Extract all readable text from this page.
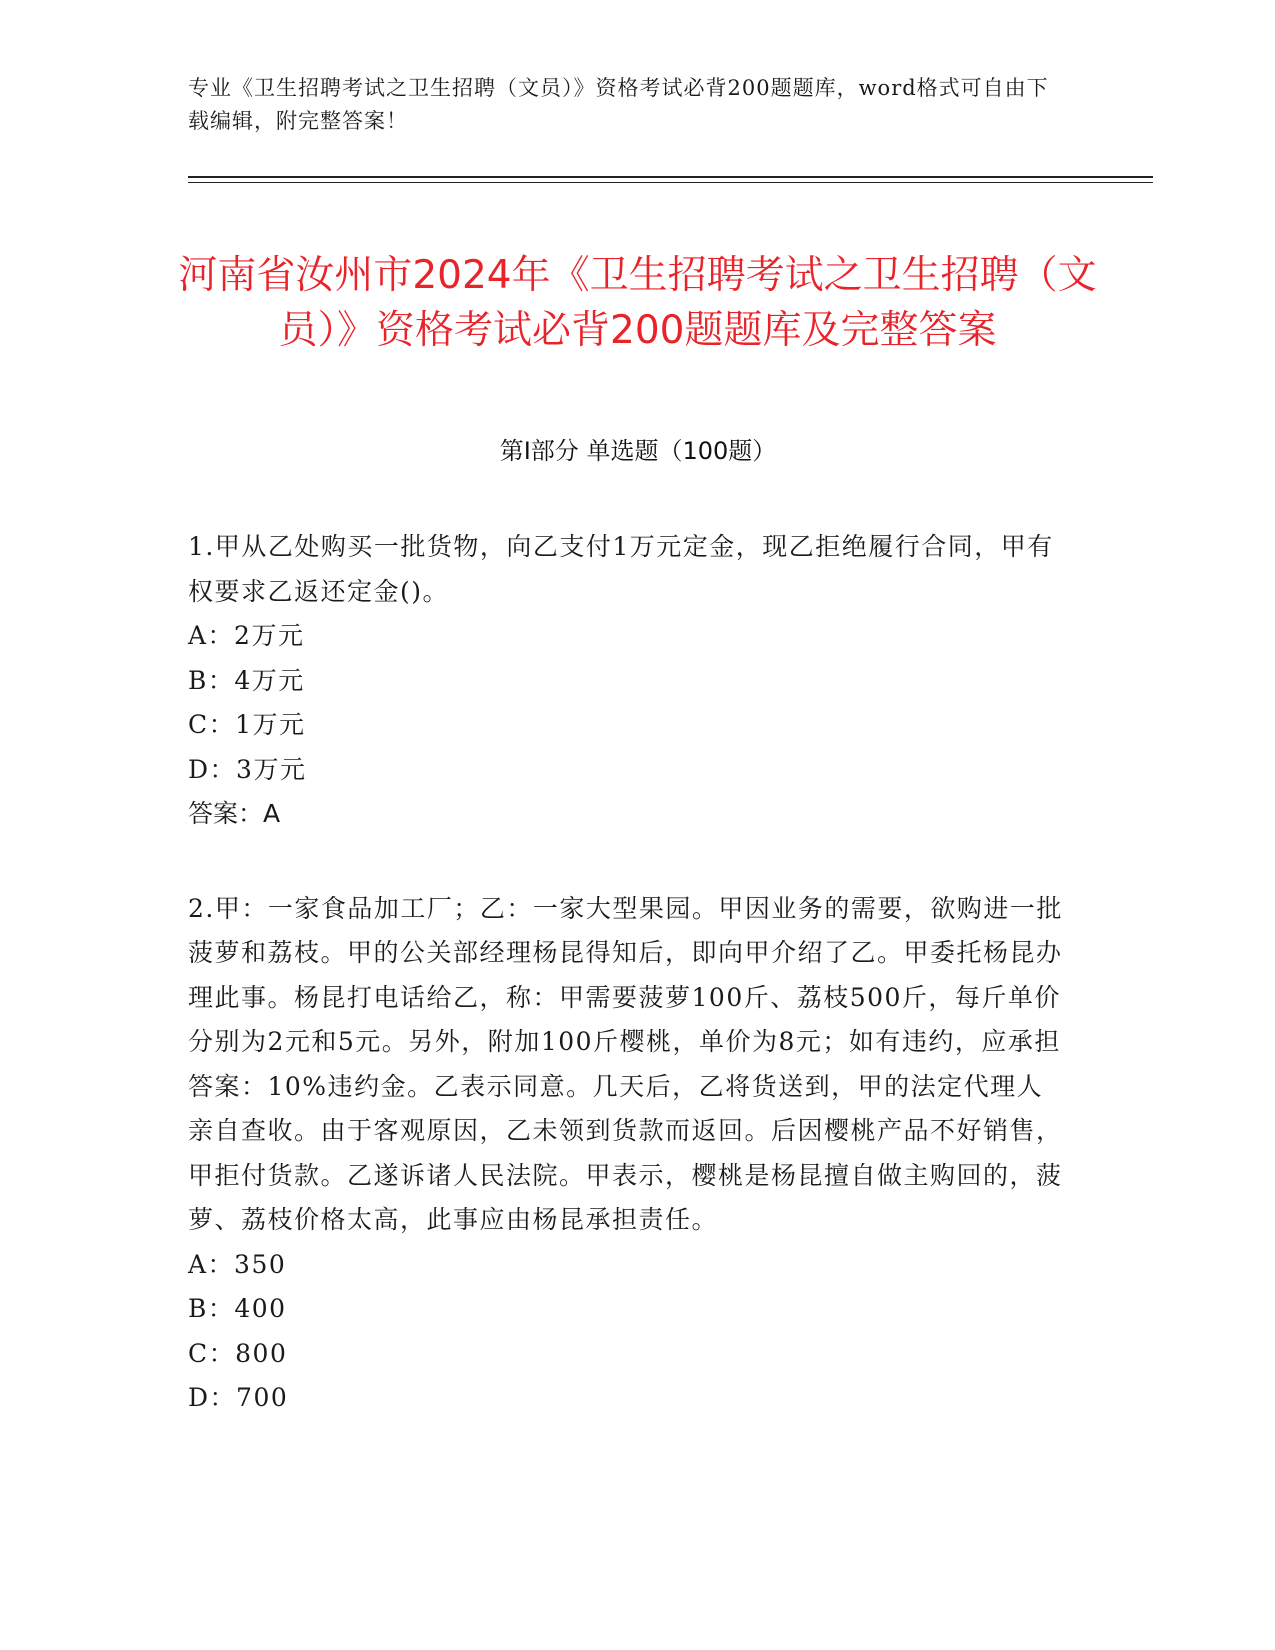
专业《卫生招聘考试之卫生招聘（文员）》资格考试必背200题题库，word格式可自由下载编辑，附完整答案！
河南省汝州市2024年《卫生招聘考试之卫生招聘（文员）》资格考试必背200题题库及完整答案
第I部分 单选题（100题）

1.甲从乙处购买一批货物，向乙支付1万元定金，现乙拒绝履行合同，甲有权要求乙返还定金()。

A：2万元

B：4万元

C：1万元

D：3万元

答案：A

2.甲：一家食品加工厂；乙：一家大型果园。甲因业务的需要，欲购进一批菠萝和荔枝。甲的公关部经理杨昆得知后，即向甲介绍了乙。甲委托杨昆办理此事。杨昆打电话给乙，称：甲需要菠萝100斤、荔枝500斤，每斤单价分别为2元和5元。另外，附加100斤樱桃，单价为8元；如有违约，应承担答案：10%违约金。乙表示同意。几天后，乙将货送到，甲的法定代理人亲自查收。由于客观原因，乙未领到货款而返回。后因樱桃产品不好销售，甲拒付货款。乙遂诉诸人民法院。甲表示，樱桃是杨昆擅自做主购回的，菠萝、荔枝价格太高，此事应由杨昆承担责任。

A：350

B：400

C：800

D：700
